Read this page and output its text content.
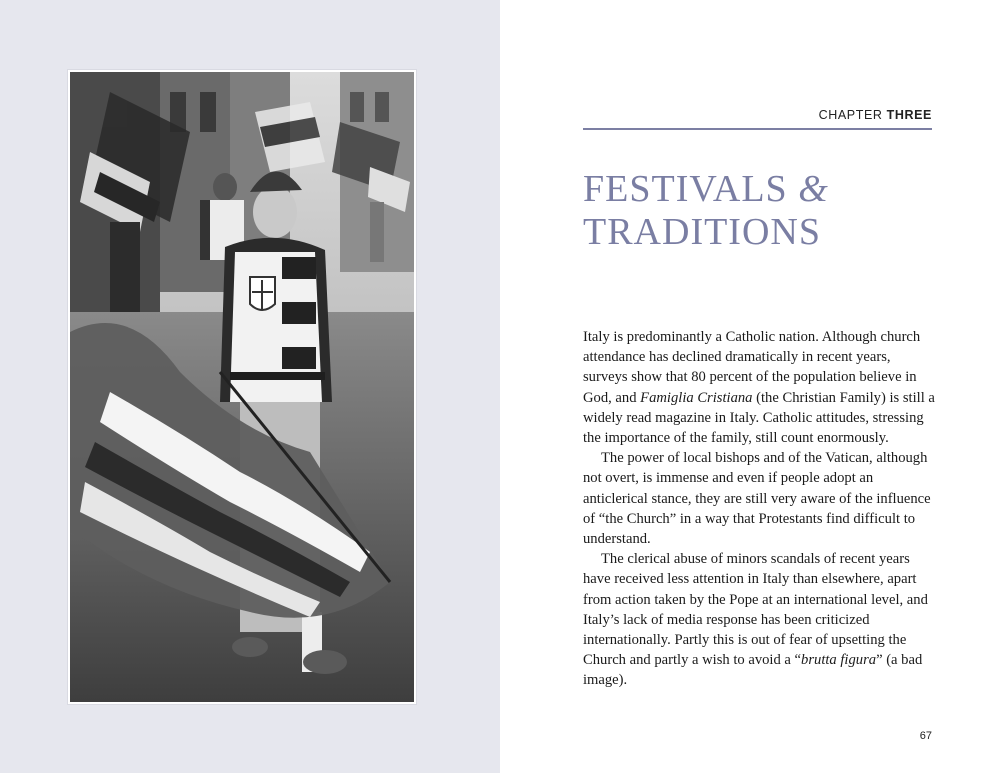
CHAPTER THREE
FESTIVALS &
TRADITIONS

Italy is predominantly a Catholic nation. Although church attendance has declined dramatically in recent years, surveys show that 80 percent of the population believe in God, and Famiglia Cristiana (the Christian Family) is still a widely read magazine in Italy. Catholic attitudes, stressing the importance of the family, still count enormously.

The power of local bishops and of the Vatican, although not overt, is immense and even if people adopt an anticlerical stance, they are still very aware of the influence of “the Church” in a way that Protestants find difficult to understand.

The clerical abuse of minors scandals of recent years have received less attention in Italy than elsewhere, apart from action taken by the Pope at an international level, and Italy’s lack of media response has been criticized internationally. Partly this is out of fear of upsetting the Church and partly a wish to avoid a “brutta figura” (a bad image).

67
